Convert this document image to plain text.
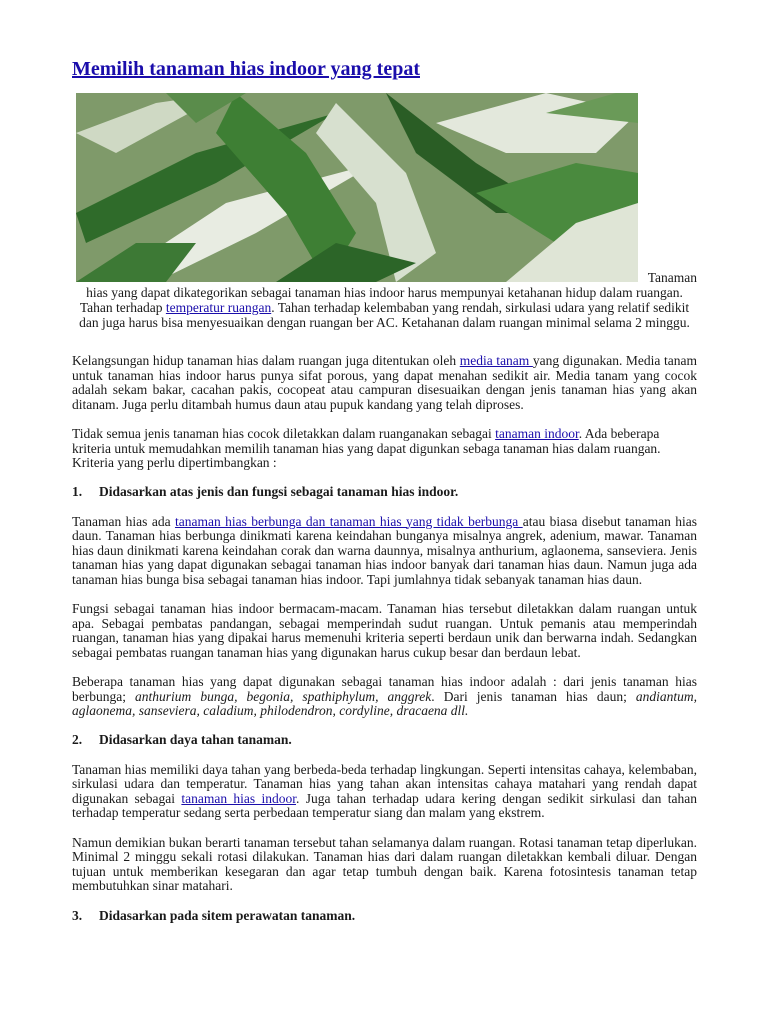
Memilih tanaman hias indoor yang tepat
Tanaman
hias yang dapat dikategorikan sebagai tanaman hias indoor harus mempunyai ketahanan hidup dalam ruangan. Tahan terhadap temperatur ruangan. Tahan terhadap kelembaban yang rendah, sirkulasi udara yang relatif sedikit dan juga harus bisa menyesuaikan dengan ruangan ber AC. Ketahanan dalam ruangan minimal selama 2 minggu.

Kelangsungan hidup tanaman hias dalam ruangan juga ditentukan oleh media tanam yang digunakan. Media tanam untuk tanaman hias indoor harus punya sifat porous, yang dapat menahan sedikit air. Media tanam yang cocok adalah sekam bakar, cacahan pakis, cocopeat atau campuran disesuaikan dengan jenis tanaman hias yang akan ditanam. Juga perlu ditambah humus daun atau pupuk kandang yang telah diproses.

Tidak semua jenis tanaman hias cocok diletakkan dalam ruanganakan sebagai tanaman indoor. Ada beberapa kriteria untuk memudahkan memilih tanaman hias yang dapat digunkan sebaga tanaman hias dalam ruangan. Kriteria yang perlu dipertimbangkan :

1. Didasarkan atas jenis dan fungsi sebagai tanaman hias indoor.

Tanaman hias ada tanaman hias berbunga dan tanaman hias yang tidak berbunga atau biasa disebut tanaman hias daun. Tanaman hias berbunga dinikmati karena keindahan bunganya misalnya angrek, adenium, mawar. Tanaman hias daun dinikmati karena keindahan corak dan warna daunnya, misalnya anthurium, aglaonema, sanseviera. Jenis tanaman hias yang dapat digunakan sebagai tanaman hias indoor banyak dari tanaman hias daun. Namun juga ada tanaman hias bunga bisa sebagai tanaman hias indoor. Tapi jumlahnya tidak sebanyak tanaman hias daun.

Fungsi sebagai tanaman hias indoor bermacam-macam. Tanaman hias tersebut diletakkan dalam ruangan untuk apa. Sebagai pembatas pandangan, sebagai memperindah sudut ruangan. Untuk pemanis atau memperindah ruangan, tanaman hias yang dipakai harus memenuhi kriteria seperti berdaun unik dan berwarna indah. Sedangkan sebagai pembatas ruangan tanaman hias yang digunakan harus cukup besar dan berdaun lebat.

Beberapa tanaman hias yang dapat digunakan sebagai tanaman hias indoor adalah : dari jenis tanaman hias berbunga; anthurium bunga, begonia, spathiphylum, anggrek. Dari jenis tanaman hias daun; andiantum, aglaonema, sanseviera, caladium, philodendron, cordyline, dracaena dll.

2. Didasarkan daya tahan tanaman.

Tanaman hias memiliki daya tahan yang berbeda-beda terhadap lingkungan. Seperti intensitas cahaya, kelembaban, sirkulasi udara dan temperatur. Tanaman hias yang tahan akan intensitas cahaya matahari yang rendah dapat digunakan sebagai tanaman hias indoor. Juga tahan terhadap udara kering dengan sedikit sirkulasi dan tahan terhadap temperatur sedang serta perbedaan temperatur siang dan malam yang ekstrem.

Namun demikian bukan berarti tanaman tersebut tahan selamanya dalam ruangan. Rotasi tanaman tetap diperlukan. Minimal 2 minggu sekali rotasi dilakukan. Tanaman hias dari dalam ruangan diletakkan kembali diluar. Dengan tujuan untuk memberikan kesegaran dan agar tetap tumbuh dengan baik. Karena fotosintesis tanaman tetap membutuhkan sinar matahari.

3. Didasarkan pada sitem perawatan tanaman.
